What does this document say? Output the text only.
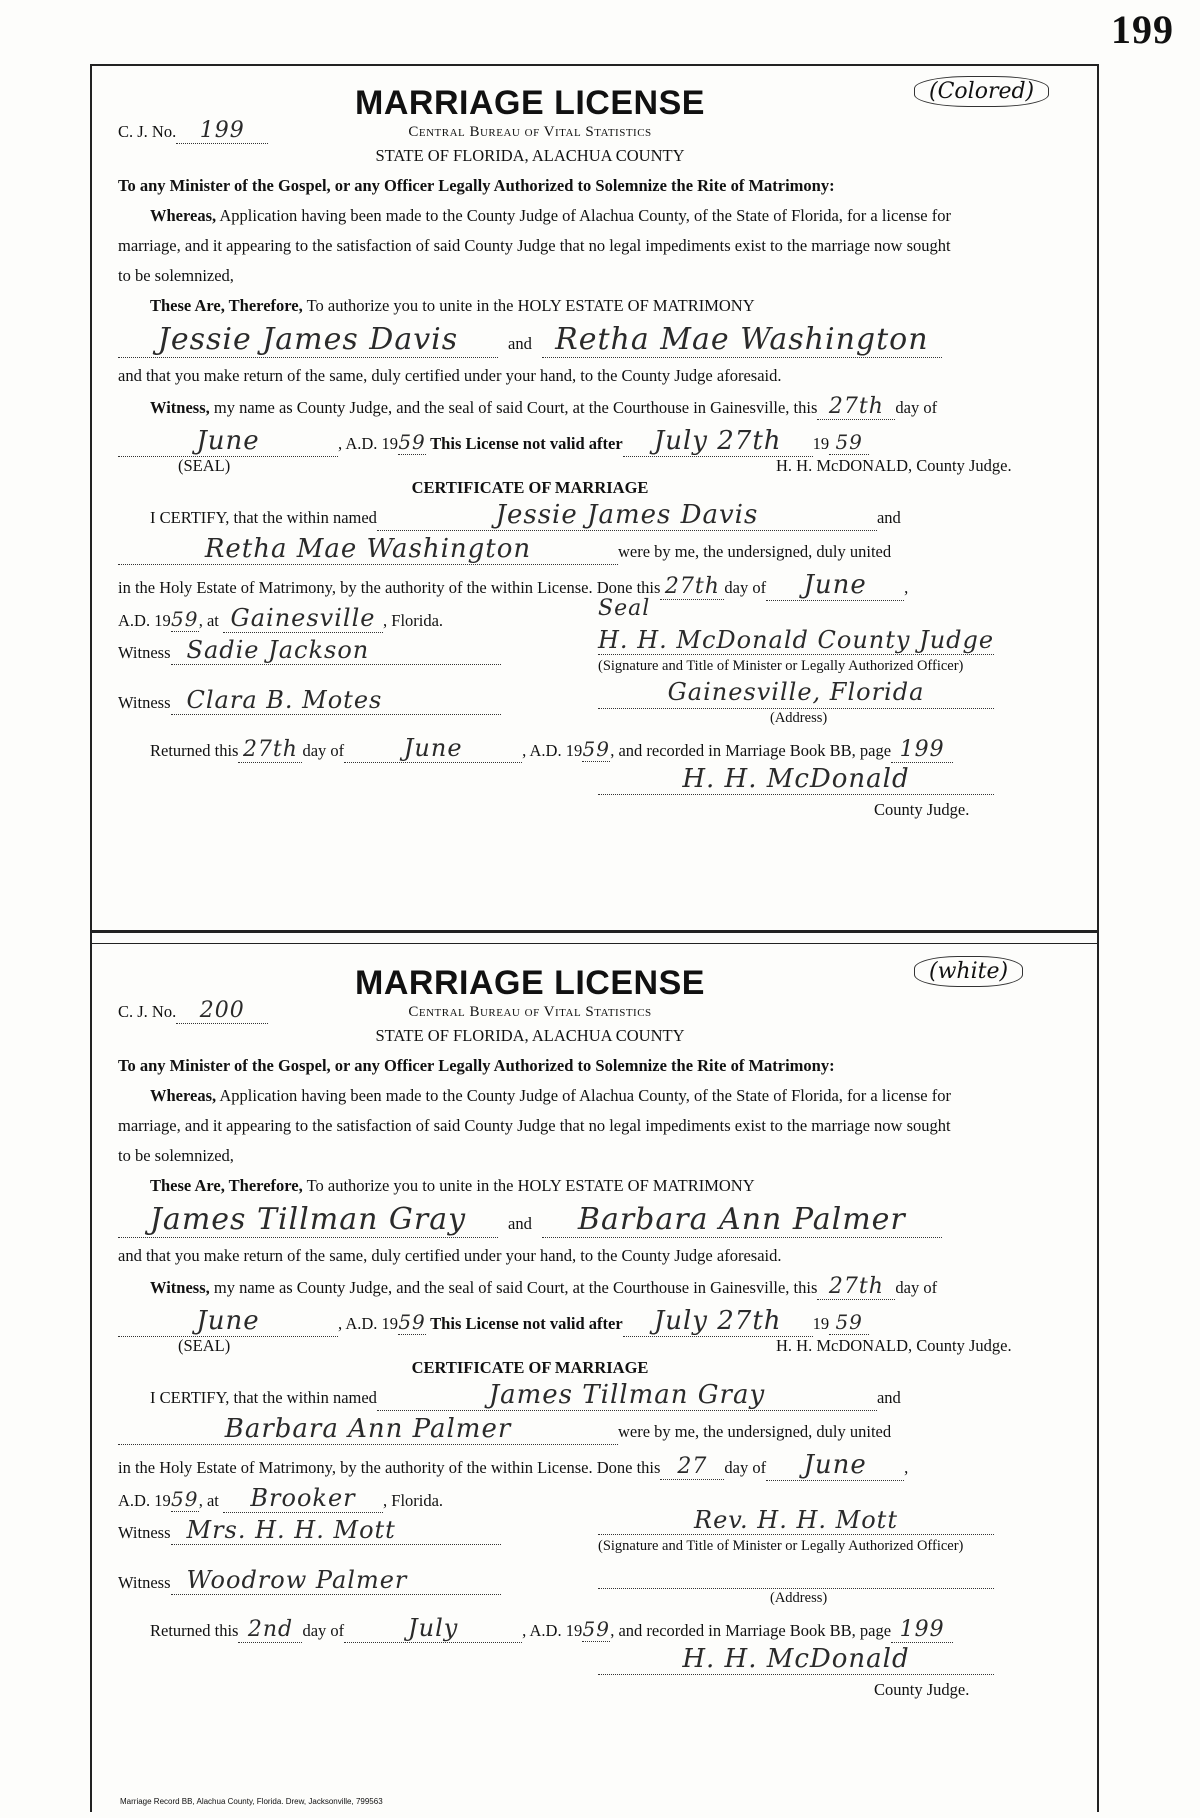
199
(Colored)
C. J. No. 199
MARRIAGE LICENSE
Central Bureau of Vital Statistics
STATE OF FLORIDA, ALACHUA COUNTY
To any Minister of the Gospel, or any Officer Legally Authorized to Solemnize the Rite of Matrimony:
Whereas, Application having been made to the County Judge of Alachua County, of the State of Florida, for a license for
marriage, and it appearing to the satisfaction of said County Judge that no legal impediments exist to the marriage now sought
to be solemnized,
These Are, Therefore, To authorize you to unite in the HOLY ESTATE OF MATRIMONY
Jessie James Davis	and Retha Mae Washington
and that you make return of the same, duly certified under your hand, to the County Judge aforesaid.
Witness, my name as County Judge, and the seal of said Court, at the Courthouse in Gainesville, this 27th day of
June	, A.D. 1959 This License not valid after July 27th 19 59
(SEAL)	H. H. McDONALD, County Judge.
CERTIFICATE OF MARRIAGE
I CERTIFY, that the within named	Jessie James Davis	and
Retha Mae Washington	were by me, the undersigned, duly united
in the Holy Estate of Matrimony, by the authority of the within License. Done this 27th day of June ,
A.D. 1959, at Gainesville , Florida.	Seal
Witness Sadie Jackson	H. H. McDonald County Judge
(Signature and Title of Minister or Legally Authorized Officer)
Witness Clara B. Motes	Gainesville, Florida
(Address)
Returned this 27th day of June	, A.D. 1959, and recorded in Marriage Book BB, page 199
H. H. McDonald
County Judge.
(white)
C. J. No. 200
MARRIAGE LICENSE
Central Bureau of Vital Statistics
STATE OF FLORIDA, ALACHUA COUNTY
To any Minister of the Gospel, or any Officer Legally Authorized to Solemnize the Rite of Matrimony:
Whereas, Application having been made to the County Judge of Alachua County, of the State of Florida, for a license for
marriage, and it appearing to the satisfaction of said County Judge that no legal impediments exist to the marriage now sought
to be solemnized,
These Are, Therefore, To authorize you to unite in the HOLY ESTATE OF MATRIMONY
James Tillman Gray	and Barbara Ann Palmer
and that you make return of the same, duly certified under your hand, to the County Judge aforesaid.
Witness, my name as County Judge, and the seal of said Court, at the Courthouse in Gainesville, this 27th day of
June	, A.D. 1959 This License not valid after July 27th 19 59
(SEAL)	H. H. McDONALD, County Judge.
CERTIFICATE OF MARRIAGE
I CERTIFY, that the within named	James Tillman Gray	and
Barbara Ann Palmer	were by me, the undersigned, duly united
in the Holy Estate of Matrimony, by the authority of the within License. Done this 27 day of June ,
A.D. 1959, at Brooker , Florida.
Witness Mrs. H. H. Mott	Rev. H. H. Mott
(Signature and Title of Minister or Legally Authorized Officer)
Witness Woodrow Palmer
(Address)
Returned this 2nd day of	July	, A.D. 1959, and recorded in Marriage Book BB, page 199
H. H. McDonald
County Judge.
Marriage Record BB, Alachua County, Florida. Drew, Jacksonville, 799563
